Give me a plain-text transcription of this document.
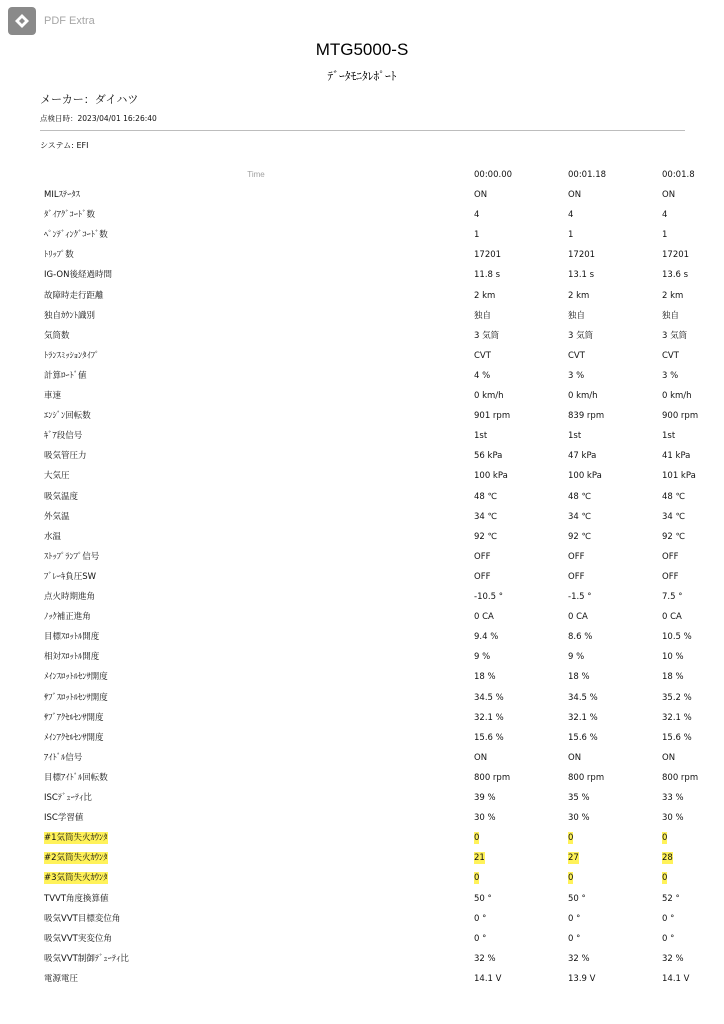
PDF Extra
MTG5000-S
ﾃﾞｰﾀﾓﾆﾀﾚﾎﾟｰﾄ
メーカー：ダイハツ
点検日時：2023/04/01 16:26:40
システム: EFI
Time	00:00.00	00:01.18	00:01.8
MILｽﾃｰﾀｽ	ON	ON	ON
ﾀﾞｲｱｸﾞｺｰﾄﾞ数	4	4	4
ﾍﾟﾝﾃﾞｨﾝｸﾞｺｰﾄﾞ数	1	1	1
ﾄﾘｯﾌﾟ数	17201	17201	17201
IG-ON後経過時間	11.8 s	13.1 s	13.6 s
故障時走行距離	2 km	2 km	2 km
独自ｶｳﾝﾄ識別	独自	独自	独自
気筒数	3 気筒	3 気筒	3 気筒
ﾄﾗﾝｽﾐｯｼｮﾝﾀｲﾌﾟ	CVT	CVT	CVT
計算ﾛｰﾄﾞ値	4 %	3 %	3 %
車速	0 km/h	0 km/h	0 km/h
ｴﾝｼﾞﾝ回転数	901 rpm	839 rpm	900 rpm
ｷﾞｱ段信号	1st	1st	1st
吸気管圧力	56 kPa	47 kPa	41 kPa
大気圧	100 kPa	100 kPa	101 kPa
吸気温度	48 ℃	48 ℃	48 ℃
外気温	34 ℃	34 ℃	34 ℃
水温	92 ℃	92 ℃	92 ℃
ｽﾄｯﾌﾟﾗﾝﾌﾟ信号	OFF	OFF	OFF
ﾌﾞﾚｰｷ負圧SW	OFF	OFF	OFF
点火時期進角	-10.5 °	-1.5 °	7.5 °
ﾉｯｸ補正進角	0 CA	0 CA	0 CA
目標ｽﾛｯﾄﾙ開度	9.4 %	8.6 %	10.5 %
相対ｽﾛｯﾄﾙ開度	9 %	9 %	10 %
ﾒｲﾝｽﾛｯﾄﾙｾﾝｻ開度	18 %	18 %	18 %
ｻﾌﾞｽﾛｯﾄﾙｾﾝｻ開度	34.5 %	34.5 %	35.2 %
ｻﾌﾞｱｸｾﾙｾﾝｻ開度	32.1 %	32.1 %	32.1 %
ﾒｲﾝｱｸｾﾙｾﾝｻ開度	15.6 %	15.6 %	15.6 %
ｱｲﾄﾞﾙ信号	ON	ON	ON
目標ｱｲﾄﾞﾙ回転数	800 rpm	800 rpm	800 rpm
ISCﾃﾞｭｰﾃｨ比	39 %	35 %	33 %
ISC学習値	30 %	30 %	30 %
#1気筒失火ｶｳﾝﾀ	0	0	0
#2気筒失火ｶｳﾝﾀ	21	27	28
#3気筒失火ｶｳﾝﾀ	0	0	0
TVVT角度換算値	50 °	50 °	52 °
吸気VVT目標変位角	0 °	0 °	0 °
吸気VVT実変位角	0 °	0 °	0 °
吸気VVT制御ﾃﾞｭｰﾃｨ比	32 %	32 %	32 %
電源電圧	14.1 V	13.9 V	14.1 V
